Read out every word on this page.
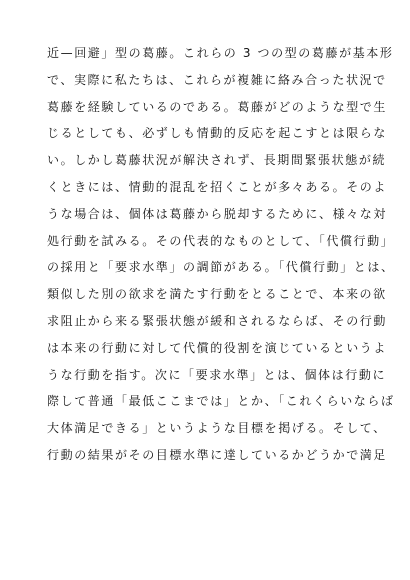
近—回避」型の葛藤。これらの 3 つの型の葛藤が基本形
で、実際に私たちは、これらが複雑に絡み合った状況で
葛藤を経験しているのである。葛藤がどのような型で生
じるとしても、必ずしも情動的反応を起こすとは限らな
い。しかし葛藤状況が解決されず、長期間緊張状態が続
くときには、情動的混乱を招くことが多々ある。そのよ
うな場合は、個体は葛藤から脱却するために、様々な対
処行動を試みる。その代表的なものとして、「代償行動」
の採用と「要求水準」の調節がある。「代償行動」とは、
類似した別の欲求を満たす行動をとることで、本来の欲
求阻止から来る緊張状態が緩和されるならば、その行動
は本来の行動に対して代償的役割を演じているというよ
うな行動を指す。次に「要求水準」とは、個体は行動に
際して普通「最低ここまでは」とか、「これくらいならば
大体満足できる」というような目標を掲げる。そして、
行動の結果がその目標水準に達しているかどうかで満足
